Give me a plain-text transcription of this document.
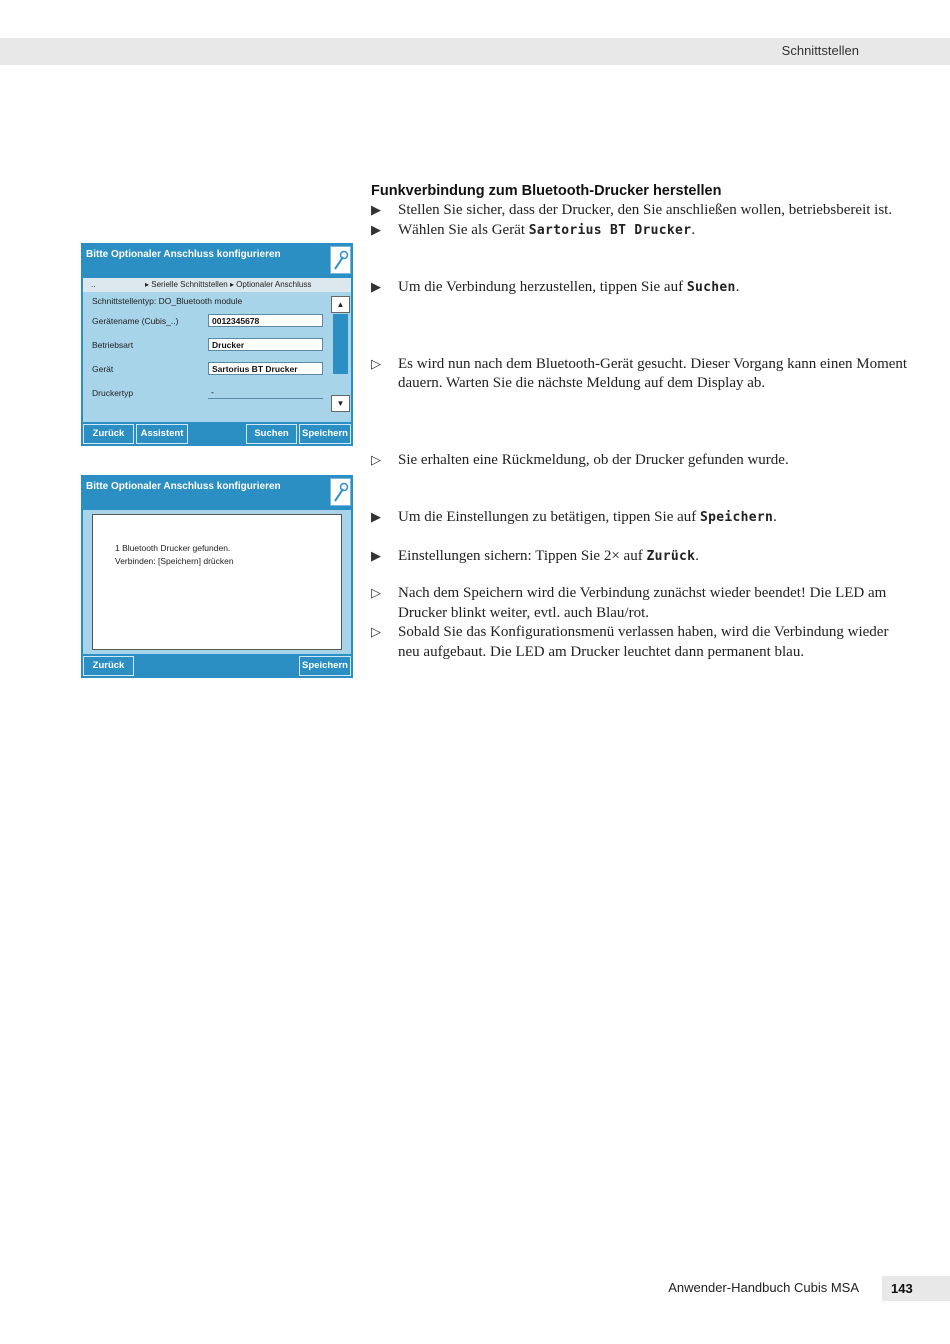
Schnittstellen
Bitte Optionaler Anschluss konfigurieren
..	▸ Serielle Schnittstellen ▸ Optionaler Anschluss
Schnittstellentyp: DO_Bluetooth module
Gerätename (Cubis_..)	0012345678
Betriebsart	Drucker
Gerät	Sartorius BT Drucker
Druckertyp	-
▲
▼
Zurück	Assistent	Suchen	Speichern
Bitte Optionaler Anschluss konfigurieren
1 Bluetooth Drucker gefunden.
Verbinden: [Speichern] drücken
Zurück	Speichern
Funkverbindung zum Bluetooth-Drucker herstellen

▶ Stellen Sie sicher, dass der Drucker, den Sie anschließen wollen, betriebsbereit ist.

▶ Wählen Sie als Gerät Sartorius BT Drucker.

▶ Um die Verbindung herzustellen, tippen Sie auf Suchen.

▷ Es wird nun nach dem Bluetooth-Gerät gesucht. Dieser Vorgang kann einen Moment dauern. Warten Sie die nächste Meldung auf dem Display ab.

▷ Sie erhalten eine Rückmeldung, ob der Drucker gefunden wurde.

▶ Um die Einstellungen zu betätigen, tippen Sie auf Speichern.

▶ Einstellungen sichern: Tippen Sie 2× auf Zurück.

▷ Nach dem Speichern wird die Verbindung zunächst wieder beendet! Die LED am Drucker blinkt weiter, evtl. auch Blau/rot.

▷ Sobald Sie das Konfigurationsmenü verlassen haben, wird die Verbindung wieder neu aufgebaut. Die LED am Drucker leuchtet dann permanent blau.

Anwender-Handbuch Cubis MSA	143
